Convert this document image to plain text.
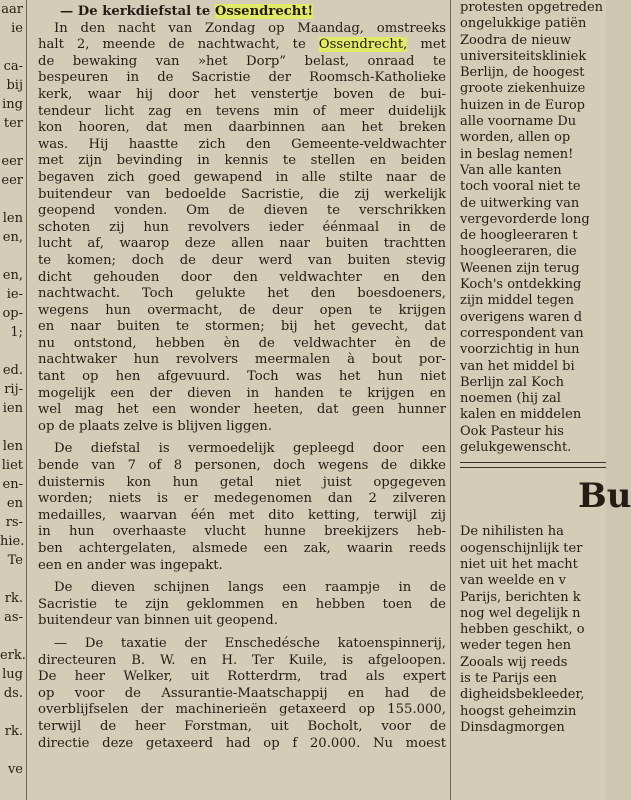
aar
ie

ca-
bij
ing
ter

eer
eer

len
en,

en,
ie-
op-
1;

ed.
rij-
ien

len
liet
en-
en
rs-
hie.
Te

rk.
as-

erk.
lug
ds.

rk.

ve
— De kerkdiefstal te Ossendrecht!
In den nacht van Zondag op Maandag, omstreeks
halt 2, meende de nachtwacht, te Ossendrecht, met
de bewaking van »het Dorp” belast, onraad te
bespeuren in de Sacristie der Roomsch-Katholieke
kerk, waar hij door het venstertje boven de bui-
tendeur licht zag en tevens min of meer duidelijk
kon hooren, dat men daarbinnen aan het breken
was. Hij haastte zich den Gemeente-veldwachter
met zijn bevinding in kennis te stellen en beiden
begaven zich goed gewapend in alle stilte naar de
buitendeur van bedoelde Sacristie, die zij werkelijk
geopend vonden. Om de dieven te verschrikken
schoten zij hun revolvers ieder éénmaal in de
lucht af, waarop deze allen naar buiten trachtten
te komen; doch de deur werd van buiten stevig
dicht gehouden door den veldwachter en den
nachtwacht. Toch gelukte het den boesdoeners,
wegens hun overmacht, de deur open te krijgen
en naar buiten te stormen; bij het gevecht, dat
nu ontstond, hebben èn de veldwachter èn de
nachtwaker hun revolvers meermalen à bout por-
tant op hen afgevuurd. Toch was het hun niet
mogelijk een der dieven in handen te krijgen en
wel mag het een wonder heeten, dat geen hunner
op de plaats zelve is blijven liggen.
De diefstal is vermoedelijk gepleegd door een
bende van 7 of 8 personen, doch wegens de dikke
duisternis kon hun getal niet juist opgegeven
worden; niets is er medegenomen dan 2 zilveren
medailles, waarvan één met dito ketting, terwijl zij
in hun overhaaste vlucht hunne breekijzers heb-
ben achtergelaten, alsmede een zak, waarin reeds
een en ander was ingepakt.
De dieven schijnen langs een raampje in de
Sacristie te zijn geklommen en hebben toen de
buitendeur van binnen uit geopend.
— De taxatie der Enschedésche katoenspinnerij,
directeuren B. W. en H. Ter Kuile, is afgeloopen.
De heer Welker, uit Rotterdrm, trad als expert
op voor de Assurantie-Maatschappij en had de
overblijfselen der machinerieën getaxeerd op 155.000,
terwijl de heer Forstman, uit Bocholt, voor de
directie deze getaxeerd had op f 20.000. Nu moest
protesten opgetreden
ongelukkige patiën
Zoodra de nieuw
universiteitskliniek
Berlijn, de hoogest
groote ziekenhuize
huizen in de Europ
alle voorname Du
worden, allen op
in beslag nemen!
Van alle kanten
toch vooral niet te
de uitwerking van
vergevorderde long
de hoogleeraren t
hoogleeraren, die
Weenen zijn terug
Koch's ontdekking
zijn middel tegen
overigens waren d
correspondent van
voorzichtig in hun
van het middel bi
Berlijn zal Koch
noemen (hij zal
kalen en middelen
Ook Pasteur his
gelukgewenscht.
Bu
De nihilisten ha
oogenschijnlijk ter
niet uit het macht
van weelde en v
Parijs, berichten k
nog wel degelijk n
hebben geschikt, o
weder tegen hen
Zooals wij reeds
is te Parijs een
digheidsbekleeder,
hoogst geheimzin
Dinsdagmorgen
